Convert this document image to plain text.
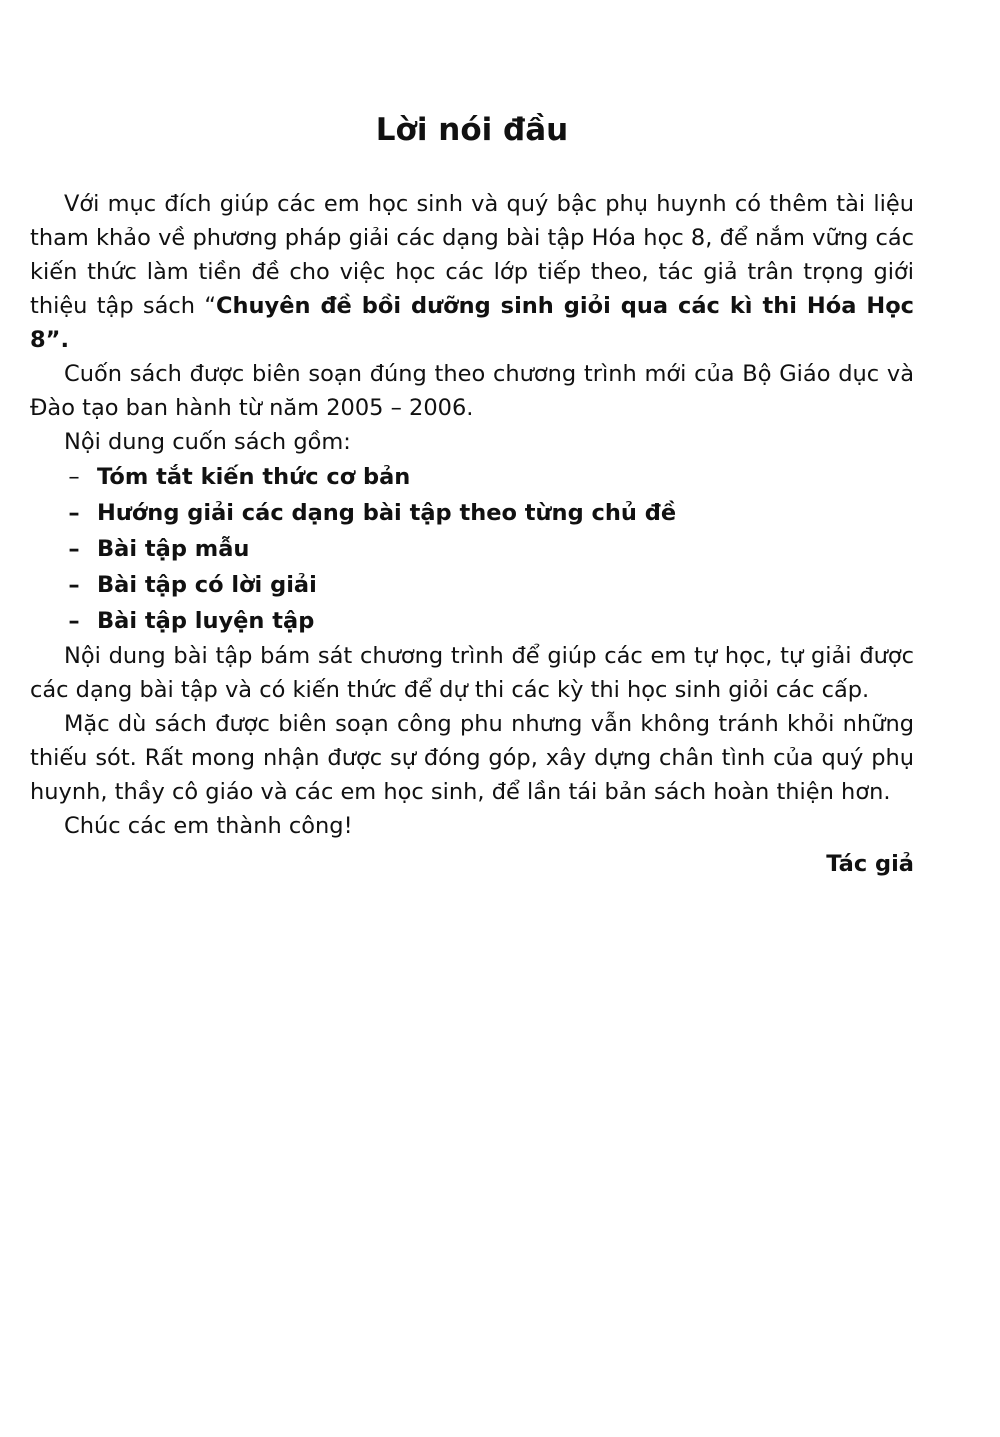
Lời nói đầu

Với mục đích giúp các em học sinh và quý bậc phụ huynh có thêm tài liệu tham khảo về phương pháp giải các dạng bài tập Hóa học 8, để nắm vững các kiến thức làm tiền đề cho việc học các lớp tiếp theo, tác giả trân trọng giới thiệu tập sách “Chuyên đề bồi dưỡng sinh giỏi qua các kì thi Hóa Học 8”.

Cuốn sách được biên soạn đúng theo chương trình mới của Bộ Giáo dục và Đào tạo ban hành từ năm 2005 – 2006.

Nội dung cuốn sách gồm:

– Tóm tắt kiến thức cơ bản
– Hướng giải các dạng bài tập theo từng chủ đề
– Bài tập mẫu
– Bài tập có lời giải
– Bài tập luyện tập

Nội dung bài tập bám sát chương trình để giúp các em tự học, tự giải được các dạng bài tập và có kiến thức để dự thi các kỳ thi học sinh giỏi các cấp.

Mặc dù sách được biên soạn công phu nhưng vẫn không tránh khỏi những thiếu sót. Rất mong nhận được sự đóng góp, xây dựng chân tình của quý phụ huynh, thầy cô giáo và các em học sinh, để lần tái bản sách hoàn thiện hơn.

Chúc các em thành công!

Tác giả
